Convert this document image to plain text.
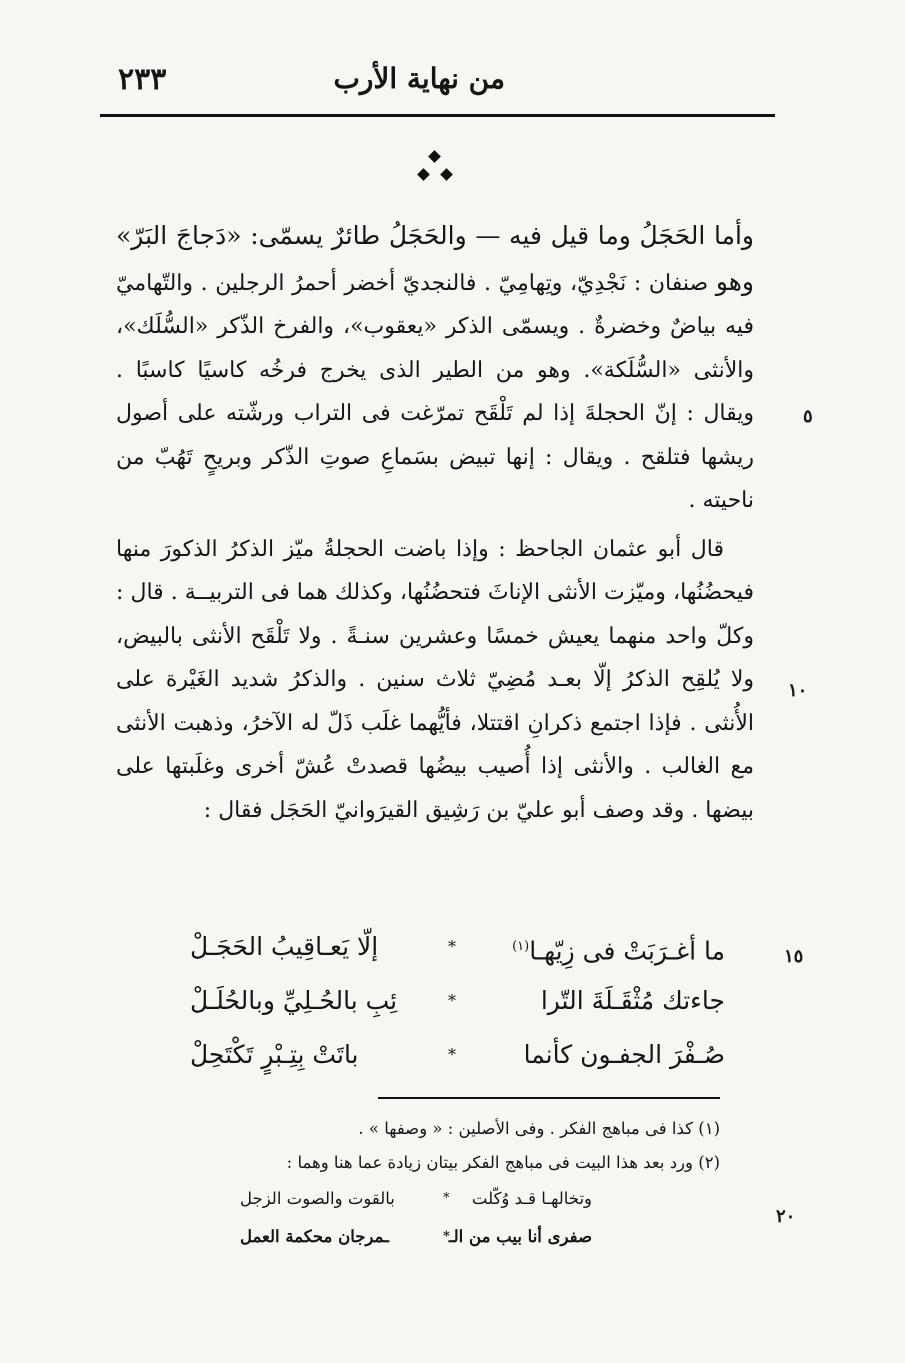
٢٣٣	من نهاية الأرب

وأما الحَجَلُ وما قيل فيه — والحَجَلُ طائرٌ يسمّى: «دَجاجَ البَرّ» وهو صنفان : نَجْدِيّ، وتِهامِيّ . فالنجديّ أخضر أحمرُ الرجلين . والتّهاميّ فيه بياضٌ وخضرةٌ . ويسمّى الذكر «يعقوب»، والفرخ الذّكر «السُّلَك»، والأنثى «السُّلَكة». وهو من الطير الذى يخرج فرخُه كاسيًا كاسبًا . ويقال : إنّ الحجلةَ إذا لم تَلْقَح تمرّغت فى التراب ورشّته على أصول ريشها فتلقح . ويقال : إنها تبيض بسَماعِ صوتِ الذّكر وبريحٍ تَهُبّ من ناحيته .

قال أبو عثمان الجاحظ : وإذا باضت الحجلةُ ميّز الذكرُ الذكورَ منها فيحضُنُها، وميّزت الأنثى الإناثَ فتحضُنُها، وكذلك هما فى التربيــة . قال : وكلّ واحد منهما يعيش خمسًا وعشرين سنـةً . ولا تَلْقَح الأنثى بالبيض، ولا يُلقِح الذكرُ إلّا بعـد مُضِيّ ثلاث سنين . والذكرُ شديد الغَيْرة على الأُنثى . فإذا اجتمع ذكرانِ اقتتلا، فأيُّهما غلَب ذَلّ له الآخرُ، وذهبت الأنثى مع الغالب . والأنثى إذا أُصيب بيضُها قصدتْ عُشّ أخرى وغلَبتها على بيضها . وقد وصف أبو عليّ بن رَشِيق القيرَوانيّ الحَجَل فقال :

ما أغـرَبَتْ فى زِيّهـا$^{(١)}$
*
إلّا يَعـاقِيبُ الحَجَـلْ
جاءتك مُثْقَـلَةَ التّرا
*
ئِبِ بالحُـلِيِّ وبالحُلَـلْ
صُـفْرَ الجفـون كأنما
*
باتَتْ بِتِـبْرٍ تَكْتَحِلْ
٥
١٠
١٥
٢٠
(١) كذا فى مباهج الفكر . وفى الأصلين : « وصفها » .
(٢) ورد بعد هذا البيت فى مباهج الفكر بيتان زيادة عما هنا وهما :
وتخالهـا قـد وُكّلت
*
بالقوت والصوت الزجل
صفرى أنا بيب من الـ
*
ـمرجان محكمة العمل
